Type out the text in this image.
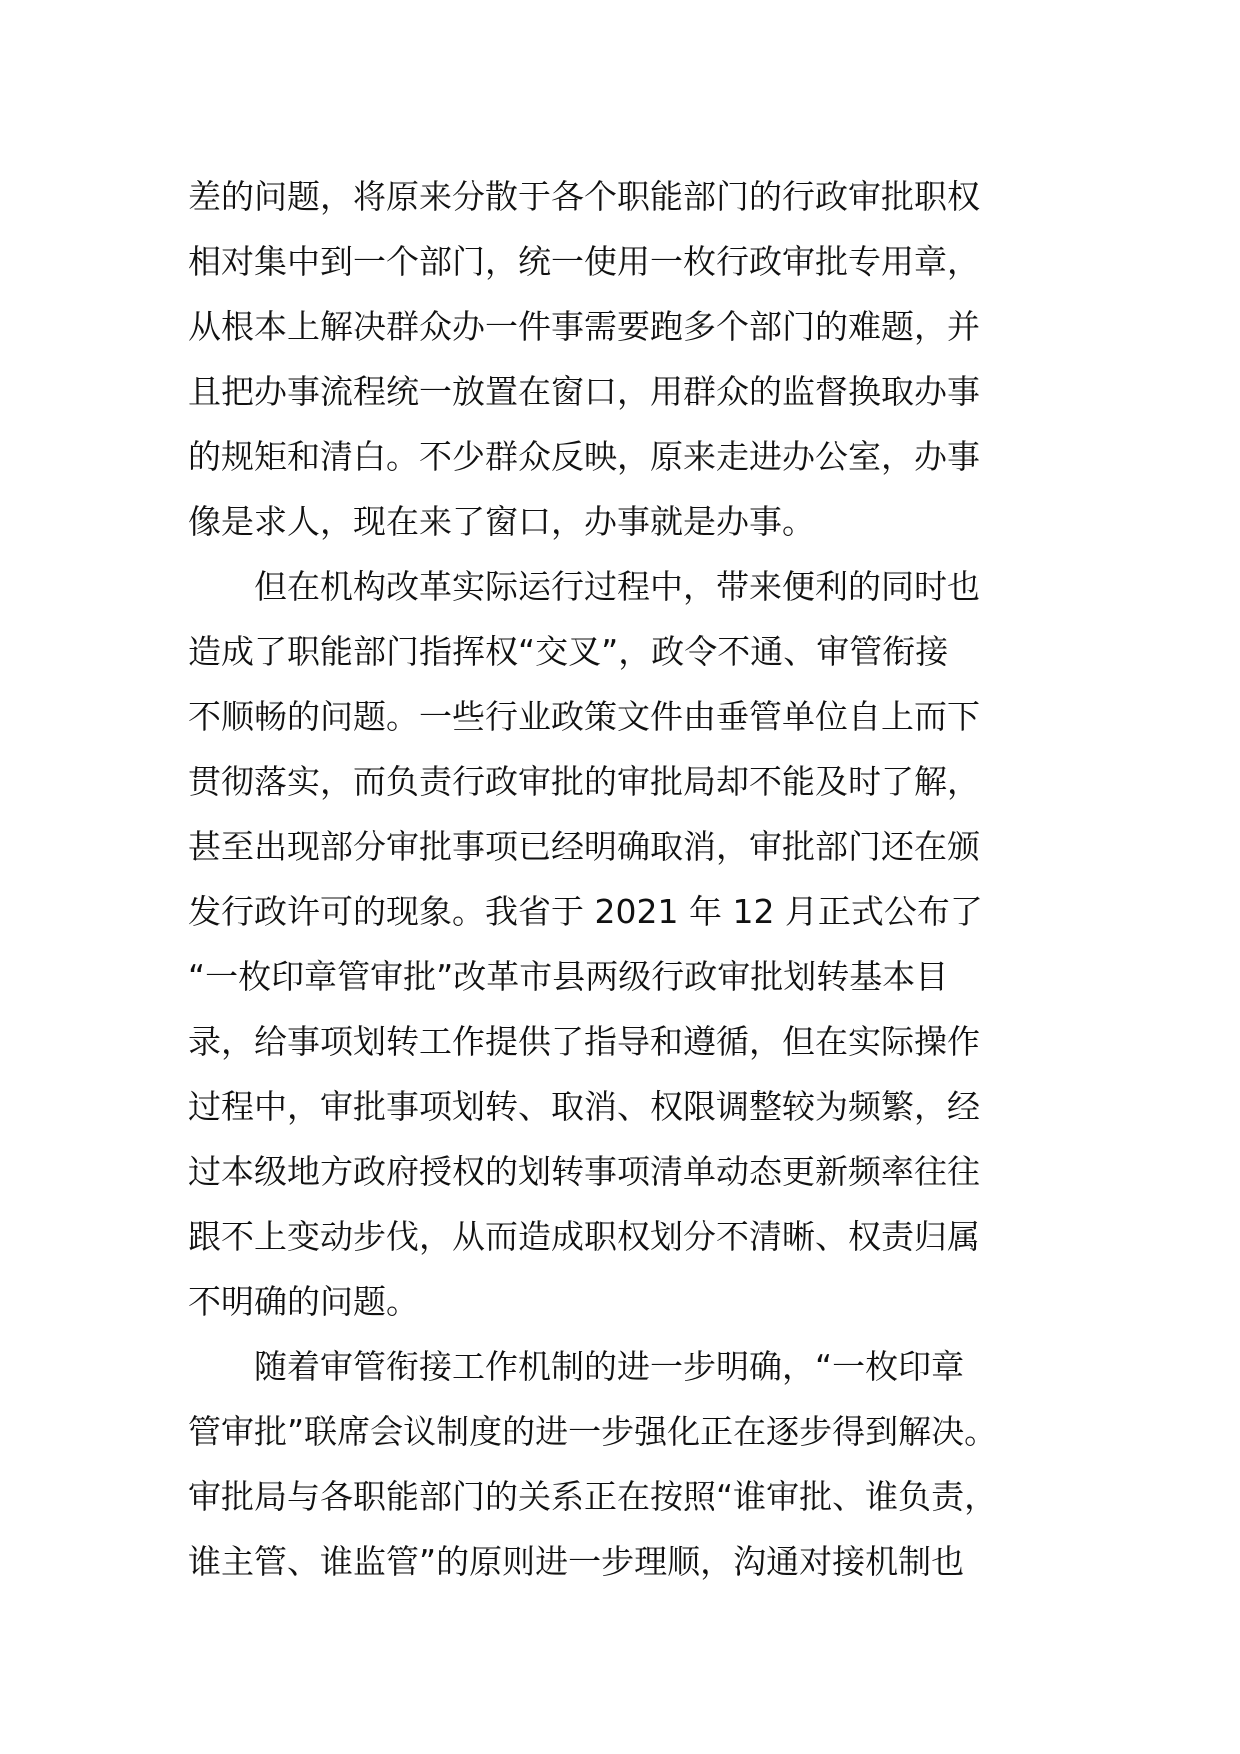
差的问题，将原来分散于各个职能部门的行政审批职权
相对集中到一个部门，统一使用一枚行政审批专用章，
从根本上解决群众办一件事需要跑多个部门的难题，并
且把办事流程统一放置在窗口，用群众的监督换取办事
的规矩和清白。不少群众反映，原来走进办公室，办事
像是求人，现在来了窗口，办事就是办事。
但在机构改革实际运行过程中，带来便利的同时也
造成了职能部门指挥权“交叉”，政令不通、审管衔接
不顺畅的问题。一些行业政策文件由垂管单位自上而下
贯彻落实，而负责行政审批的审批局却不能及时了解，
甚至出现部分审批事项已经明确取消，审批部门还在颁
发行政许可的现象。我省于 2021 年 12 月正式公布了
“一枚印章管审批”改革市县两级行政审批划转基本目
录，给事项划转工作提供了指导和遵循，但在实际操作
过程中，审批事项划转、取消、权限调整较为频繁，经
过本级地方政府授权的划转事项清单动态更新频率往往
跟不上变动步伐，从而造成职权划分不清晰、权责归属
不明确的问题。
随着审管衔接工作机制的进一步明确，“一枚印章
管审批”联席会议制度的进一步强化正在逐步得到解决。
审批局与各职能部门的关系正在按照“谁审批、谁负责，
谁主管、谁监管”的原则进一步理顺，沟通对接机制也
